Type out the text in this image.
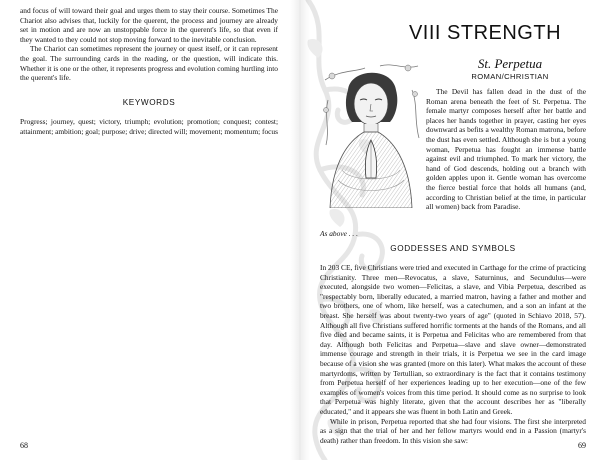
and focus of will toward their goal and urges them to stay their course. Sometimes The Chariot also advises that, luckily for the querent, the process and journey are already set in motion and are now an unstoppable force in the querent's life, so that even if they wanted to they could not stop moving forward to the inevitable conclusion.

The Chariot can sometimes represent the journey or quest itself, or it can represent the goal. The surrounding cards in the reading, or the question, will indicate this. Whether it is one or the other, it represents progress and evolution coming hurtling into the querent's life.

KEYWORDS

Progress; journey, quest; victory, triumph; evolution; promotion; conquest; contest; attainment; ambition; goal; purpose; drive; directed will; movement; momentum; focus

68
VIII STRENGTH
St. Perpetua
ROMAN/CHRISTIAN

The Devil has fallen dead in the dust of the Roman arena beneath the feet of St. Perpetua. The female martyr composes herself after her battle and places her hands together in prayer, casting her eyes downward as befits a wealthy Roman matrona, before the dust has even settled. Although she is but a young woman, Perpetua has fought an immense battle against evil and triumphed. To mark her victory, the hand of God descends, holding out a branch with golden apples upon it. Gentle woman has overcome the fierce bestial force that holds all humans (and, according to Christian belief at the time, in particular all women) back from Paradise.

As above . . .
GODDESSES AND SYMBOLS

In 203 CE, five Christians were tried and executed in Carthage for the crime of practicing Christianity. Three men—Revocatus, a slave, Saturninus, and Secundulus—were executed, alongside two women—Felicitas, a slave, and Vibia Perpetua, described as "respectably born, liberally educated, a married matron, having a father and mother and two brothers, one of whom, like herself, was a catechumen, and a son an infant at the breast. She herself was about twenty-two years of age" (quoted in Schiavo 2018, 57). Although all five Christians suffered horrific torments at the hands of the Romans, and all five died and became saints, it is Perpetua and Felicitas who are remembered from that day. Although both Felicitas and Perpetua—slave and slave owner—demonstrated immense courage and strength in their trials, it is Perpetua we see in the card image because of a vision she was granted (more on this later). What makes the account of these martyrdoms, written by Tertullian, so extraordinary is the fact that it contains testimony from Perpetua herself of her experiences leading up to her execution—one of the few examples of women's voices from this time period. It should come as no surprise to look that Perpetua was highly literate, given that the account describes her as "liberally educated," and it appears she was fluent in both Latin and Greek.

While in prison, Perpetua reported that she had four visions. The first she interpreted as a sign that the trial of her and her fellow martyrs would end in a Passion (martyr's death) rather than freedom. In this vision she saw:

69
